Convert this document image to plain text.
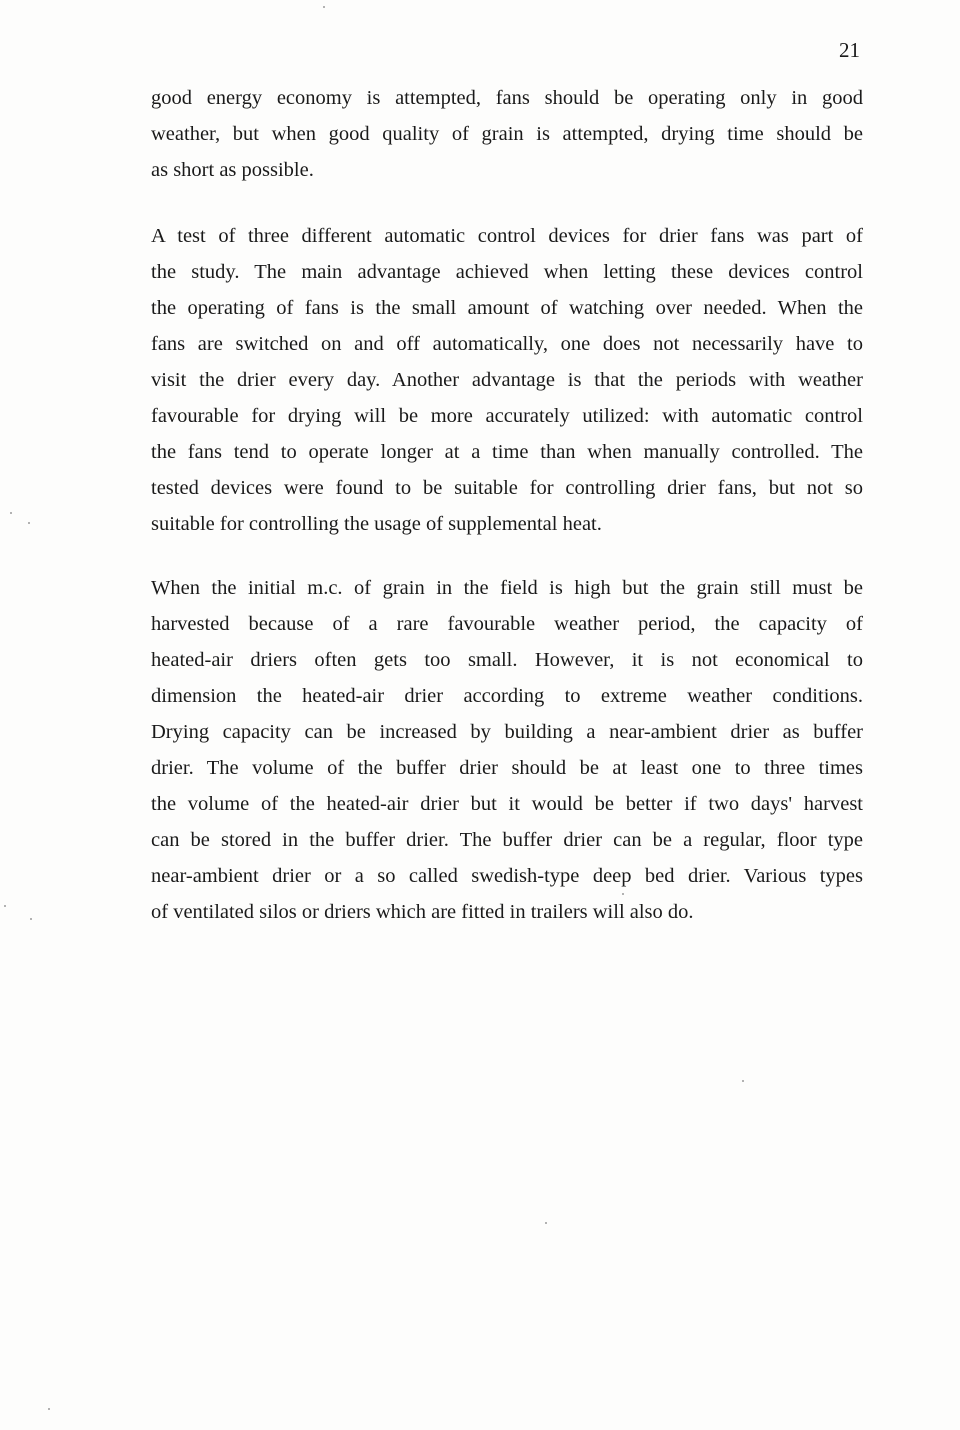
21
good energy economy is attempted, fans should be operating only in good
weather, but when good quality of grain is attempted, drying time should be
as short as possible.
A test of three different automatic control devices for drier fans was part of
the study. The main advantage achieved when letting these devices control
the operating of fans is the small amount of watching over needed. When the
fans are switched on and off automatically, one does not necessarily have to
visit the drier every day. Another advantage is that the periods with weather
favourable for drying will be more accurately utilized: with automatic control
the fans tend to operate longer at a time than when manually controlled. The
tested devices were found to be suitable for controlling drier fans, but not so
suitable for controlling the usage of supplemental heat.
When the initial m.c. of grain in the field is high but the grain still must be
harvested because of a rare favourable weather period, the capacity of
heated-air driers often gets too small. However, it is not economical to
dimension the heated-air drier according to extreme weather conditions.
Drying capacity can be increased by building a near-ambient drier as buffer
drier. The volume of the buffer drier should be at least one to three times
the volume of the heated-air drier but it would be better if two days' harvest
can be stored in the buffer drier. The buffer drier can be a regular, floor type
near-ambient drier or a so called swedish-type deep bed drier. Various types
of ventilated silos or driers which are fitted in trailers will also do.
